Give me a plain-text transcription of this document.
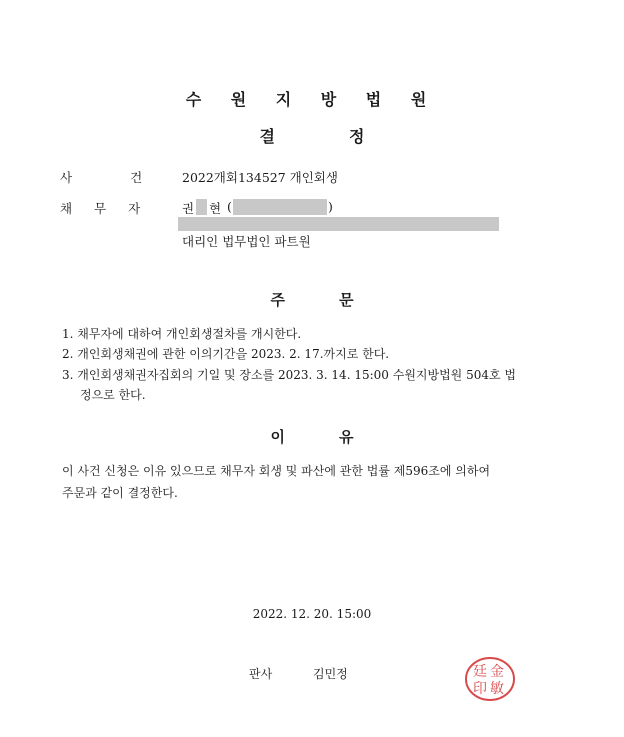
수 원 지 방 법 원
결	정
사	건	2022개회134527 개인회생
채 무 자	권 현 (	)
대리인 법무법인 파트원
주	문
1. 채무자에 대하여 개인회생절차를 개시한다.
2. 개인회생채권에 관한 이의기간을 2023. 2. 17.까지로 한다.
3. 개인회생채권자집회의 기일 및 장소를 2023. 3. 14. 15:00 수원지방법원 504호 법
정으로 한다.
이	유
이 사건 신청은 이유 있으므로 채무자 회생 및 파산에 관한 법률 제596조에 의하여
주문과 같이 결정한다.
2022. 12. 20. 15:00
판사	김민정	金
敏
廷
印
